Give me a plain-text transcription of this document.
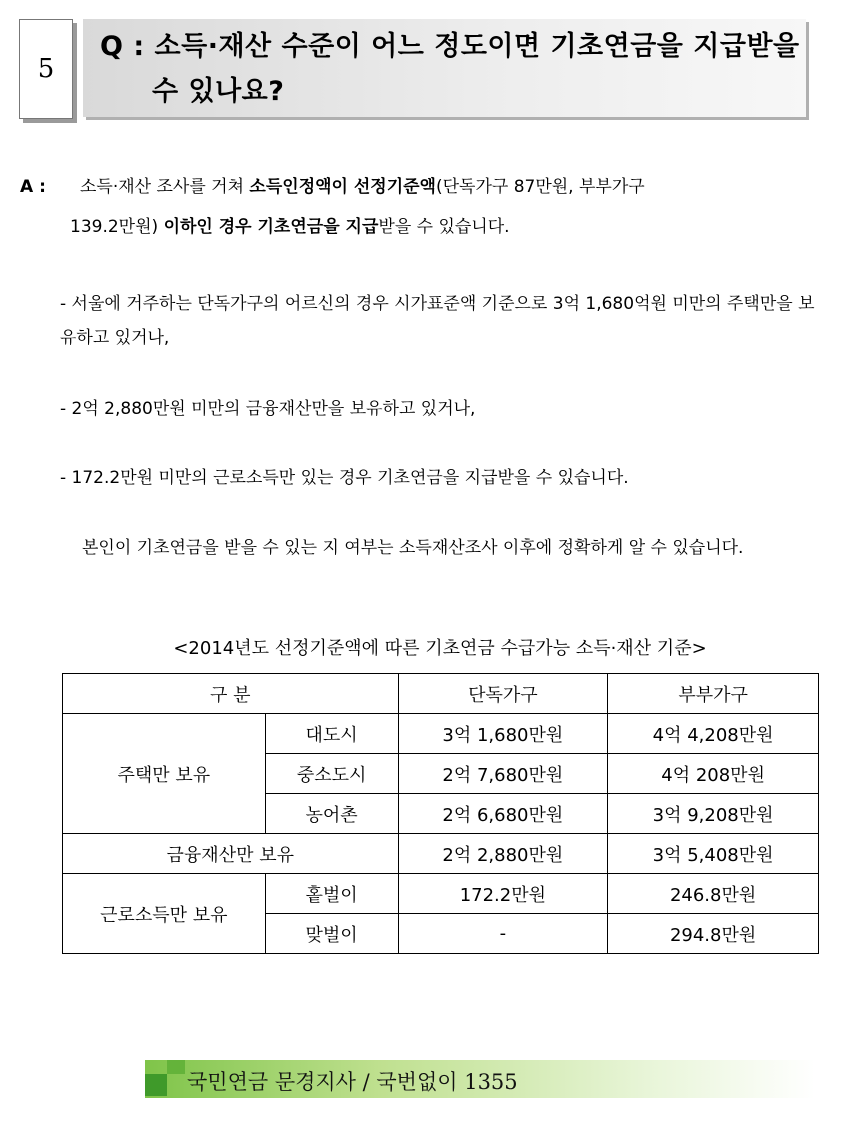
5
Q : 소득·재산 수준이 어느 정도이면 기초연금을 지급받을
수 있나요?
A :	소득·재산 조사를 거쳐 소득인정액이 선정기준액(단독가구 87만원, 부부가구
139.2만원) 이하인 경우 기초연금을 지급받을 수 있습니다.
- 서울에 거주하는 단독가구의 어르신의 경우 시가표준액 기준으로 3억 1,680억원 미만의 주택만을 보유하고 있거나,
- 2억 2,880만원 미만의 금융재산만을 보유하고 있거나,
- 172.2만원 미만의 근로소득만 있는 경우 기초연금을 지급받을 수 있습니다.
본인이 기초연금을 받을 수 있는 지 여부는 소득재산조사 이후에 정확하게 알 수 있습니다.
<2014년도 선정기준액에 따른 기초연금 수급가능 소득·재산 기준>
구 분		단독가구	부부가구
주택만 보유	대도시	3억 1,680만원	4억 4,208만원
	중소도시	2억 7,680만원	4억 208만원
	농어촌	2억 6,680만원	3억 9,208만원
금융재산만 보유		2억 2,880만원	3억 5,408만원
근로소득만 보유	홑벌이	172.2만원	246.8만원
	맞벌이	-	294.8만원
국민연금 문경지사 / 국번없이 1355
